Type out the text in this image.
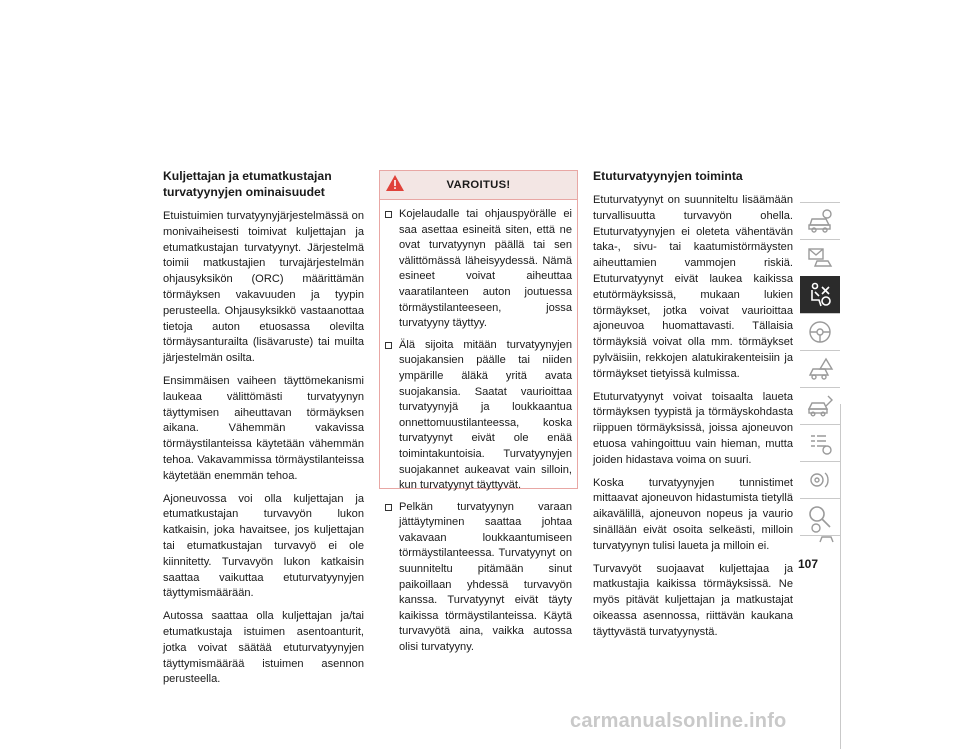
Kuljettajan ja etumatkustajan turvatyynyjen ominaisuudet

Etuistuimien turvatyynyjärjestelmässä on monivaiheisesti toimivat kuljettajan ja etumatkustajan turvatyynyt. Järjestelmä toimii matkustajien turvajärjestelmän ohjausyksikön (ORC) määrittämän törmäyksen vakavuuden ja tyypin perusteella. Ohjausyksikkö vastaanottaa tietoja auton etuosassa olevilta törmäysanturailta (lisävaruste) tai muilta järjestelmän osilta.

Ensimmäisen vaiheen täyttömekanismi laukeaa välittömästi turvatyynyn täyttymisen aiheuttavan törmäyksen aikana. Vähemmän vakavissa törmäystilanteissa käytetään vähemmän tehoa. Vakavammissa törmäystilanteissa käytetään enemmän tehoa.

Ajoneuvossa voi olla kuljettajan ja etumatkustajan turvavyön lukon katkaisin, joka havaitsee, jos kuljettajan tai etumatkustajan turvavyö ei ole kiinnitetty. Turvavyön lukon katkaisin saattaa vaikuttaa etuturvatyynyjen täyttymismäärään.

Autossa saattaa olla kuljettajan ja/tai etumatkustaja istuimen asentoanturit, jotka voivat säätää etuturvatyynyjen täyttymismäärää istuimen asennon perusteella.

VAROITUS!
Kojelaudalle tai ohjauspyörälle ei saa asettaa esineitä siten, että ne ovat turvatyynyn päällä tai sen välittömässä läheisyydessä. Nämä esineet voivat aiheuttaa vaaratilanteen auton joutuessa törmäystilanteeseen, jossa turvatyyny täyttyy.
Älä sijoita mitään turvatyynyjen suojakansien päälle tai niiden ympärille äläkä yritä avata suojakansia. Saatat vaurioittaa turvatyynyjä ja loukkaantua onnettomuustilanteessa, koska turvatyynyt eivät ole enää toimintakuntoisia. Turvatyynyjen suojakannet aukeavat vain silloin, kun turvatyynyt täyttyvät.
Pelkän turvatyynyn varaan jättäytyminen saattaa johtaa vakavaan loukkaantumiseen törmäystilanteessa. Turvatyynyt on suunniteltu pitämään sinut paikoillaan yhdessä turvavyön kanssa. Turvatyynyt eivät täyty kaikissa törmäystilanteissa. Käytä turvavyötä aina, vaikka autossa olisi turvatyyny.
Etuturvatyynyjen toiminta

Etuturvatyynyt on suunniteltu lisäämään turvallisuutta turvavyön ohella. Etuturvatyynyjen ei oleteta vähentävän taka-, sivu- tai kaatumistörmäysten aiheuttamien vammojen riskiä. Etuturvatyynyt eivät laukea kaikissa etutörmäyksissä, mukaan lukien törmäykset, jotka voivat vaurioittaa ajoneuvoa huomattavasti. Tällaisia törmäyksiä voivat olla mm. törmäykset pylväisiin, rekkojen alatukirakenteisiin ja törmäykset tietyissä kulmissa.

Etuturvatyynyt voivat toisaalta laueta törmäyksen tyypistä ja törmäyskohdasta riippuen törmäyksissä, joissa ajoneuvon etuosa vahingoittuu vain hieman, mutta joiden hidastava voima on suuri.

Koska turvatyynyjen tunnistimet mittaavat ajoneuvon hidastumista tietyllä aikavälillä, ajoneuvon nopeus ja vaurio sinällään eivät osoita selkeästi, milloin turvatyynyn tulisi laueta ja milloin ei.

Turvavyöt suojaavat kuljettajaa ja matkustajia kaikissa törmäyksissä. Ne myös pitävät kuljettajan ja matkustajat oikeassa asennossa, riittävän kaukana täyttyvästä turvatyynystä.

107
carmanualsonline.info
